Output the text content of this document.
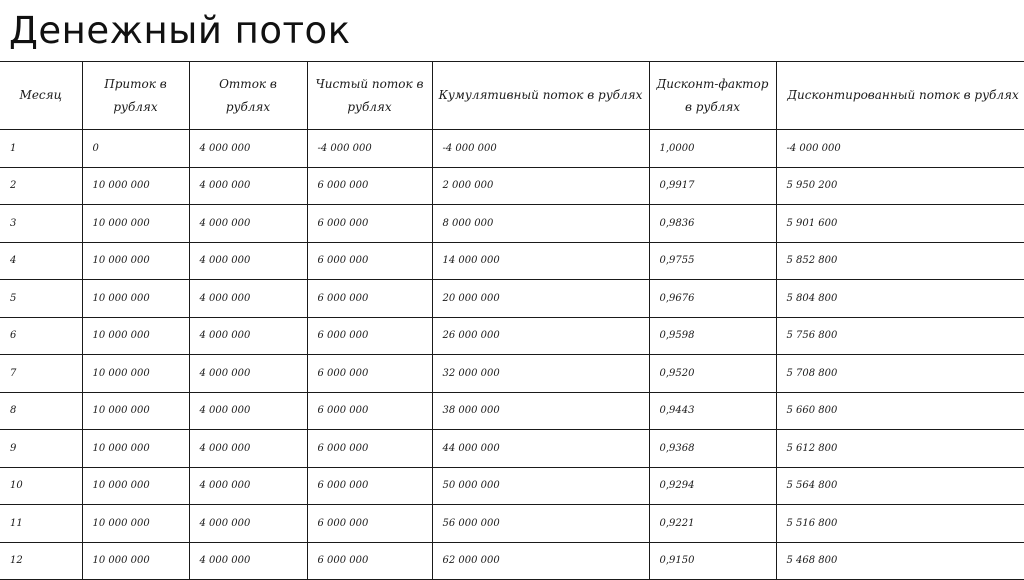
Денежный поток
Месяц	Приток в рублях	Отток в рублях	Чистый поток в рублях	Кумулятивный поток в рублях	Дисконт-фактор в рублях	Дисконтированный поток в рублях
1	0	4 000 000	-4 000 000	-4 000 000	1,0000	-4 000 000
2	10 000 000	4 000 000	6 000 000	2 000 000	0,9917	5 950 200
3	10 000 000	4 000 000	6 000 000	8 000 000	0,9836	5 901 600
4	10 000 000	4 000 000	6 000 000	14 000 000	0,9755	5 852 800
5	10 000 000	4 000 000	6 000 000	20 000 000	0,9676	5 804 800
6	10 000 000	4 000 000	6 000 000	26 000 000	0,9598	5 756 800
7	10 000 000	4 000 000	6 000 000	32 000 000	0,9520	5 708 800
8	10 000 000	4 000 000	6 000 000	38 000 000	0,9443	5 660 800
9	10 000 000	4 000 000	6 000 000	44 000 000	0,9368	5 612 800
10	10 000 000	4 000 000	6 000 000	50 000 000	0,9294	5 564 800
11	10 000 000	4 000 000	6 000 000	56 000 000	0,9221	5 516 800
12	10 000 000	4 000 000	6 000 000	62 000 000	0,9150	5 468 800
